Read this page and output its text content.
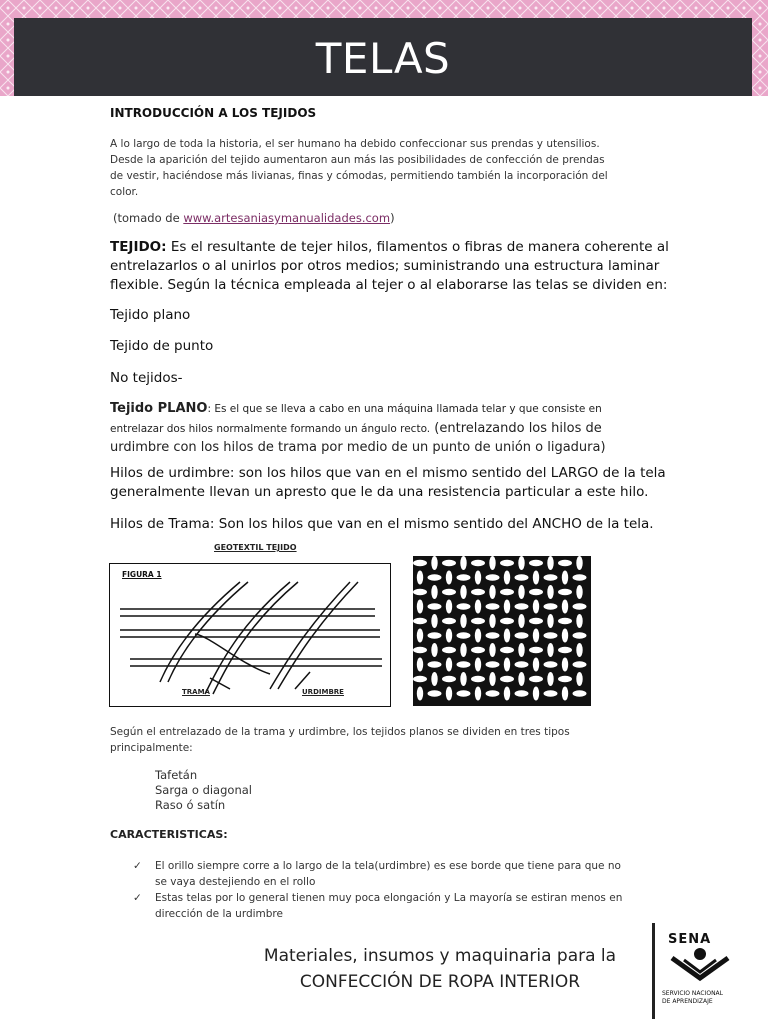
TELAS
INTRODUCCIÓN A LOS TEJIDOS
A lo largo de toda la historia, el ser humano ha debido confeccionar sus prendas y utensilios.
Desde la aparición del tejido aumentaron aun más las posibilidades de confección de prendas
de vestir, haciéndose más livianas, finas y cómodas, permitiendo también la incorporación del
color.
(tomado de www.artesaniasymanualidades.com)
TEJIDO: Es el resultante de tejer hilos, filamentos o fibras de manera coherente al
entrelazarlos o al unirlos por otros medios; suministrando una estructura laminar
flexible. Según la técnica empleada al tejer o al elaborarse las telas se dividen en:
Tejido plano
Tejido de punto
No tejidos-
Tejido PLANO: Es el que se lleva a cabo en una máquina llamada telar y que consiste en
entrelazar dos hilos normalmente formando un ángulo recto. (entrelazando los hilos de
urdimbre con los hilos de trama por medio de un punto de unión o ligadura)
Hilos de urdimbre: son los hilos que van en el mismo sentido del LARGO de la tela
generalmente llevan un apresto que le da una resistencia particular a este hilo.
Hilos de Trama: Son los hilos que van en el mismo sentido del ANCHO de la tela.
GEOTEXTIL TEJIDO
FIGURA 1
TRAMA	URDIMBRE
Según el entrelazado de la trama y urdimbre, los tejidos planos se dividen en tres tipos
principalmente:
Tafetán
Sarga o diagonal
Raso ó satín
CARACTERISTICAS:
✓ El orillo siempre corre a lo largo de la tela(urdimbre) es ese borde que tiene para que no
se vaya destejiendo en el rollo
✓ Estas telas por lo general tienen muy poca elongación y La mayoría se estiran menos en
dirección de la urdimbre
Materiales, insumos y maquinaria para la
CONFECCIÓN DE ROPA INTERIOR
SENA
SERVICIO NACIONAL
DE APRENDIZAJE
